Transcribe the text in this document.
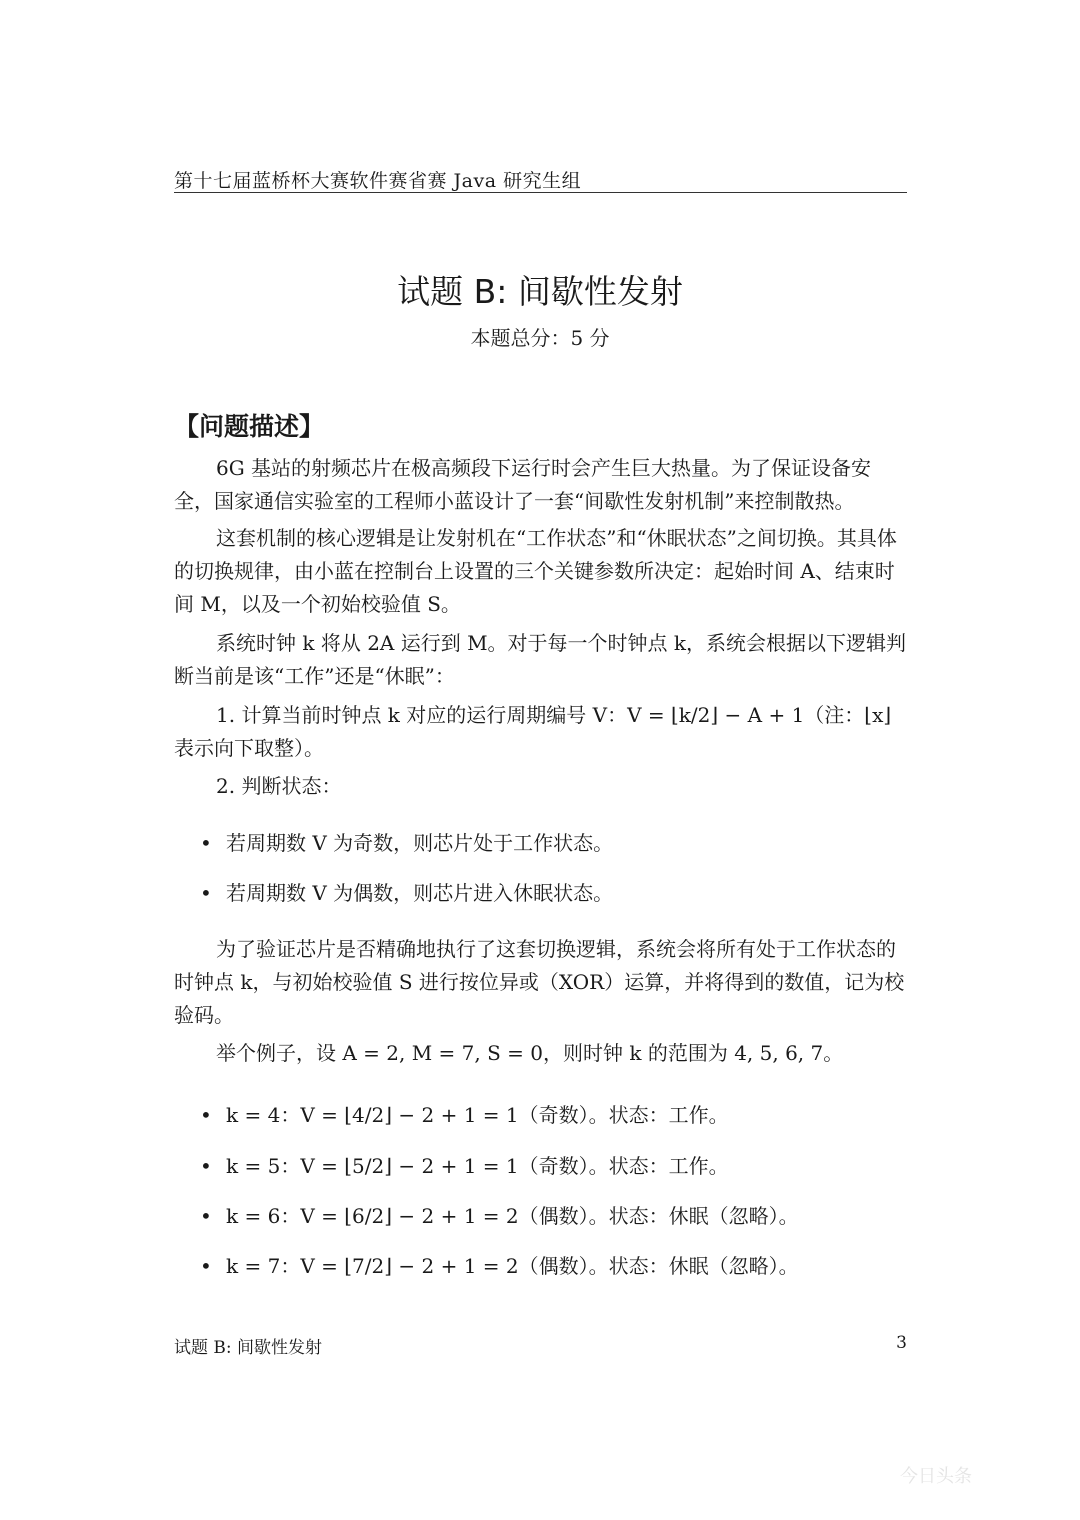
第十七届蓝桥杯大赛软件赛省赛 Java 研究生组
试题 B: 间歇性发射
本题总分：5 分
【问题描述】
6G 基站的射频芯片在极高频段下运行时会产生巨大热量。为了保证设备安全，国家通信实验室的工程师小蓝设计了一套“间歇性发射机制”来控制散热。
这套机制的核心逻辑是让发射机在“工作状态”和“休眠状态”之间切换。其具体的切换规律，由小蓝在控制台上设置的三个关键参数所决定：起始时间 A、结束时间 M，以及一个初始校验值 S。
系统时钟 k 将从 2A 运行到 M。对于每一个时钟点 k，系统会根据以下逻辑判断当前是该“工作”还是“休眠”：
1. 计算当前时钟点 k 对应的运行周期编号 V：V = ⌊k/2⌋ − A + 1（注：⌊x⌋ 表示向下取整）。
2. 判断状态：
• 若周期数 V 为奇数，则芯片处于工作状态。
• 若周期数 V 为偶数，则芯片进入休眠状态。
为了验证芯片是否精确地执行了这套切换逻辑，系统会将所有处于工作状态的时钟点 k，与初始校验值 S 进行按位异或（XOR）运算，并将得到的数值，记为校验码。
举个例子，设 A = 2, M = 7, S = 0，则时钟 k 的范围为 4, 5, 6, 7。
• k = 4：V = ⌊4/2⌋ − 2 + 1 = 1（奇数）。状态：工作。
• k = 5：V = ⌊5/2⌋ − 2 + 1 = 1（奇数）。状态：工作。
• k = 6：V = ⌊6/2⌋ − 2 + 1 = 2（偶数）。状态：休眠（忽略）。
• k = 7：V = ⌊7/2⌋ − 2 + 1 = 2（偶数）。状态：休眠（忽略）。
试题 B: 间歇性发射	3
今日头条
